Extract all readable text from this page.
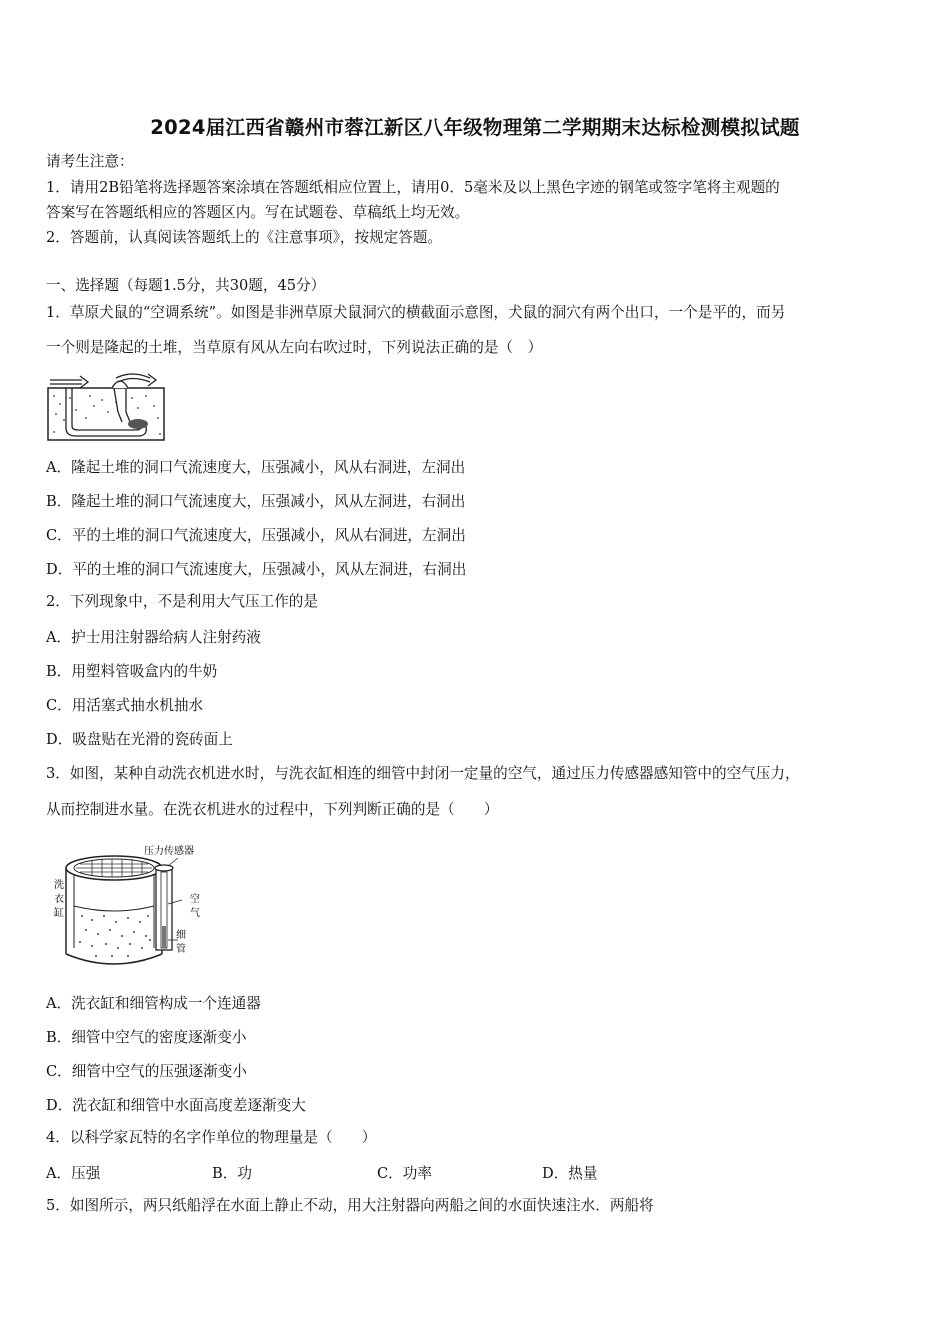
2024届江西省赣州市蓉江新区八年级物理第二学期期末达标检测模拟试题
请考生注意：
1．请用2B铅笔将选择题答案涂填在答题纸相应位置上，请用0．5毫米及以上黑色字迹的钢笔或签字笔将主观题的
答案写在答题纸相应的答题区内。写在试题卷、草稿纸上均无效。
2．答题前，认真阅读答题纸上的《注意事项》，按规定答题。
一、选择题（每题1.5分，共30题，45分）
1．草原犬鼠的“空调系统”。如图是非洲草原犬鼠洞穴的横截面示意图，犬鼠的洞穴有两个出口，一个是平的，而另
一个则是隆起的土堆，当草原有风从左向右吹过时，下列说法正确的是（　）
A．隆起土堆的洞口气流速度大，压强减小，风从右洞进，左洞出
B．隆起土堆的洞口气流速度大，压强减小，风从左洞进，右洞出
C．平的土堆的洞口气流速度大，压强减小，风从右洞进，左洞出
D．平的土堆的洞口气流速度大，压强减小，风从左洞进，右洞出
2．下列现象中，不是利用大气压工作的是
A．护士用注射器给病人注射药液
B．用塑料管吸盒内的牛奶
C．用活塞式抽水机抽水
D．吸盘贴在光滑的瓷砖面上
3．如图，某种自动洗衣机进水时，与洗衣缸相连的细管中封闭一定量的空气，通过压力传感器感知管中的空气压力，
从而控制进水量。在洗衣机进水的过程中，下列判断正确的是（　　）
压力传感器
洗
衣
缸
空
气
细
管
A．洗衣缸和细管构成一个连通器
B．细管中空气的密度逐渐变小
C．细管中空气的压强逐渐变小
D．洗衣缸和细管中水面高度差逐渐变大
4．以科学家瓦特的名字作单位的物理量是（　　）
A．压强	B．功	C．功率	D．热量
5．如图所示，两只纸船浮在水面上静止不动，用大注射器向两船之间的水面快速注水．两船将
